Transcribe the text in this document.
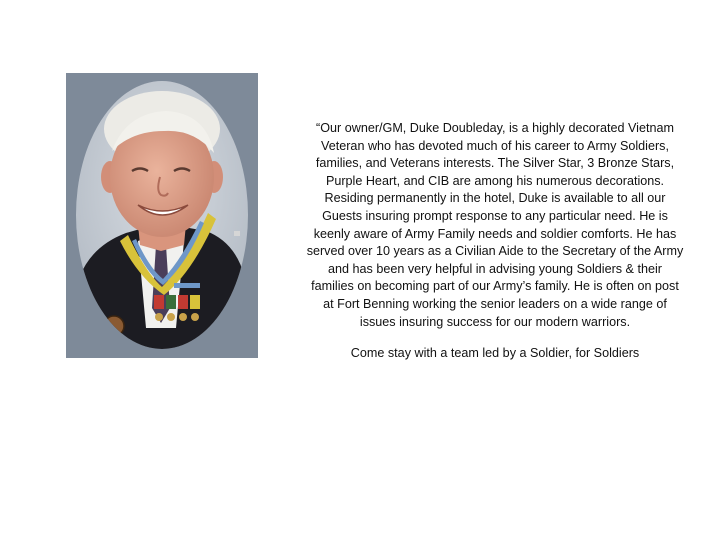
“Our owner/GM, Duke Doubleday, is a highly decorated Vietnam
Veteran who has devoted much of his career to Army Soldiers,
families, and Veterans interests. The Silver Star, 3 Bronze Stars,
Purple Heart, and CIB are among his numerous decorations.
Residing permanently in the hotel, Duke is available to all our
Guests insuring prompt response to any particular need. He is
keenly aware of Army Family needs and soldier comforts. He has
served over 10 years as a Civilian Aide to the Secretary of the Army
and has been very helpful in advising young Soldiers & their
families on becoming part of our Army’s family. He is often on post
at Fort Benning working the senior leaders on a wide range of
issues insuring success for our modern warriors.

Come stay with a team led by a Soldier, for Soldiers
